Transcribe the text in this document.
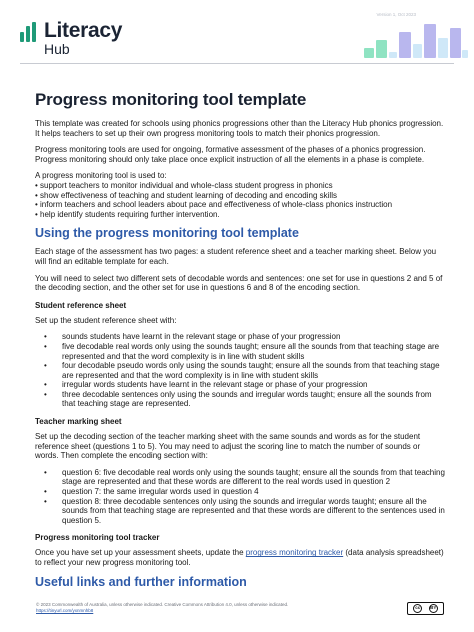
Literacy
Hub
Version 1, Oct 2023
Progress monitoring tool template

This template was created for schools using phonics progressions other than the Literacy Hub phonics progression. It helps teachers to set up their own progress monitoring tools to match their phonics progression.

Progress monitoring tools are used for ongoing, formative assessment of the phases of a phonics progression. Progress monitoring should only take place once explicit instruction of all the elements in a phase is complete.

A progress monitoring tool is used to:
• support teachers to monitor individual and whole-class student progress in phonics
• show effectiveness of teaching and student learning of decoding and encoding skills
• inform teachers and school leaders about pace and effectiveness of whole-class phonics instruction
• help identify students requiring further intervention.
Using the progress monitoring tool template

Each stage of the assessment has two pages: a student reference sheet and a teacher marking sheet. Below you will find an editable template for each.

You will need to select two different sets of decodable words and sentences: one set for use in questions 2 and 5 of the decoding section, and the other set for use in questions 6 and 8 of the encoding section.

Student reference sheet

Set up the student reference sheet with:

• sounds students have learnt in the relevant stage or phase of your progression
• five decodable real words only using the sounds taught; ensure all the sounds from that teaching stage are represented and that the word complexity is in line with student skills
• four decodable pseudo words only using the sounds taught; ensure all the sounds from that teaching stage are represented and that the word complexity is in line with student skills
• irregular words students have learnt in the relevant stage or phase of your progression
• three decodable sentences only using the sounds and irregular words taught; ensure all the sounds from that teaching stage are represented.
Teacher marking sheet

Set up the decoding section of the teacher marking sheet with the same sounds and words as for the student reference sheet (questions 1 to 5). You may need to adjust the scoring line to match the number of sounds or words. Then complete the encoding section with:

• question 6: five decodable real words only using the sounds taught; ensure all the sounds from that teaching stage are represented and that these words are different to the real words used in question 2
• question 7: the same irregular words used in question 4
• question 8: three decodable sentences only using the sounds and irregular words taught; ensure all the sounds from that teaching stage are represented and that these words are different to the sentences used in question 5.
Progress monitoring tool tracker

Once you have set up your assessment sheets, update the progress monitoring tracker (data analysis spreadsheet) to reflect your new progress monitoring tool.

Useful links and further information
© 2023 Commonwealth of Australia, unless otherwise indicated. Creative Commons Attribution 4.0, unless otherwise indicated.
https://tinyurl.com/yxnmnhb8
cc	BY
